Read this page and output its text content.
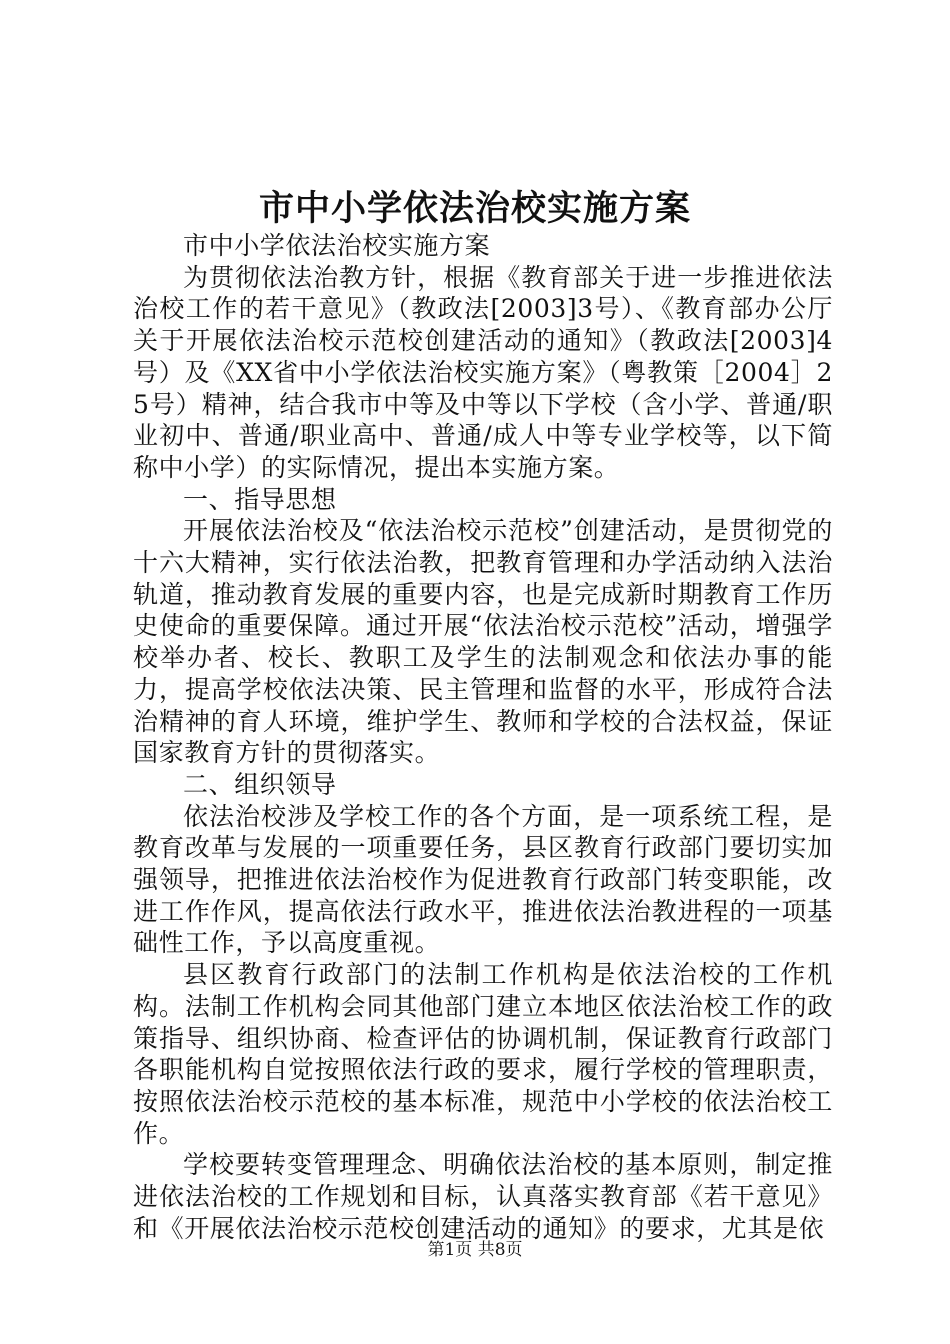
市中小学依法治校实施方案

市中小学依法治校实施方案

为贯彻依法治教方针，根据《教育部关于进一步推进依法治校工作的若干意见》（教政法[2003]3号）、《教育部办公厅关于开展依法治校示范校创建活动的通知》（教政法[2003]4号）及《XX省中小学依法治校实施方案》（粤教策［2004］25号）精神，结合我市中等及中等以下学校（含小学、普通/职业初中、普通/职业高中、普通/成人中等专业学校等，以下简称中小学）的实际情况，提出本实施方案。

一、指导思想

开展依法治校及“依法治校示范校”创建活动，是贯彻党的十六大精神，实行依法治教，把教育管理和办学活动纳入法治轨道，推动教育发展的重要内容，也是完成新时期教育工作历史使命的重要保障。通过开展“依法治校示范校”活动，增强学校举办者、校长、教职工及学生的法制观念和依法办事的能力，提高学校依法决策、民主管理和监督的水平，形成符合法治精神的育人环境，维护学生、教师和学校的合法权益，保证国家教育方针的贯彻落实。

二、组织领导

依法治校涉及学校工作的各个方面，是一项系统工程，是教育改革与发展的一项重要任务，县区教育行政部门要切实加强领导，把推进依法治校作为促进教育行政部门转变职能，改进工作作风，提高依法行政水平，推进依法治教进程的一项基础性工作，予以高度重视。

县区教育行政部门的法制工作机构是依法治校的工作机构。法制工作机构会同其他部门建立本地区依法治校工作的政策指导、组织协商、检查评估的协调机制，保证教育行政部门各职能机构自觉按照依法行政的要求，履行学校的管理职责，按照依法治校示范校的基本标准，规范中小学校的依法治校工作。

学校要转变管理理念、明确依法治校的基本原则，制定推进依法治校的工作规划和目标，认真落实教育部《若干意见》和《开展依法治校示范校创建活动的通知》的要求，尤其是依

第1页 共8页
